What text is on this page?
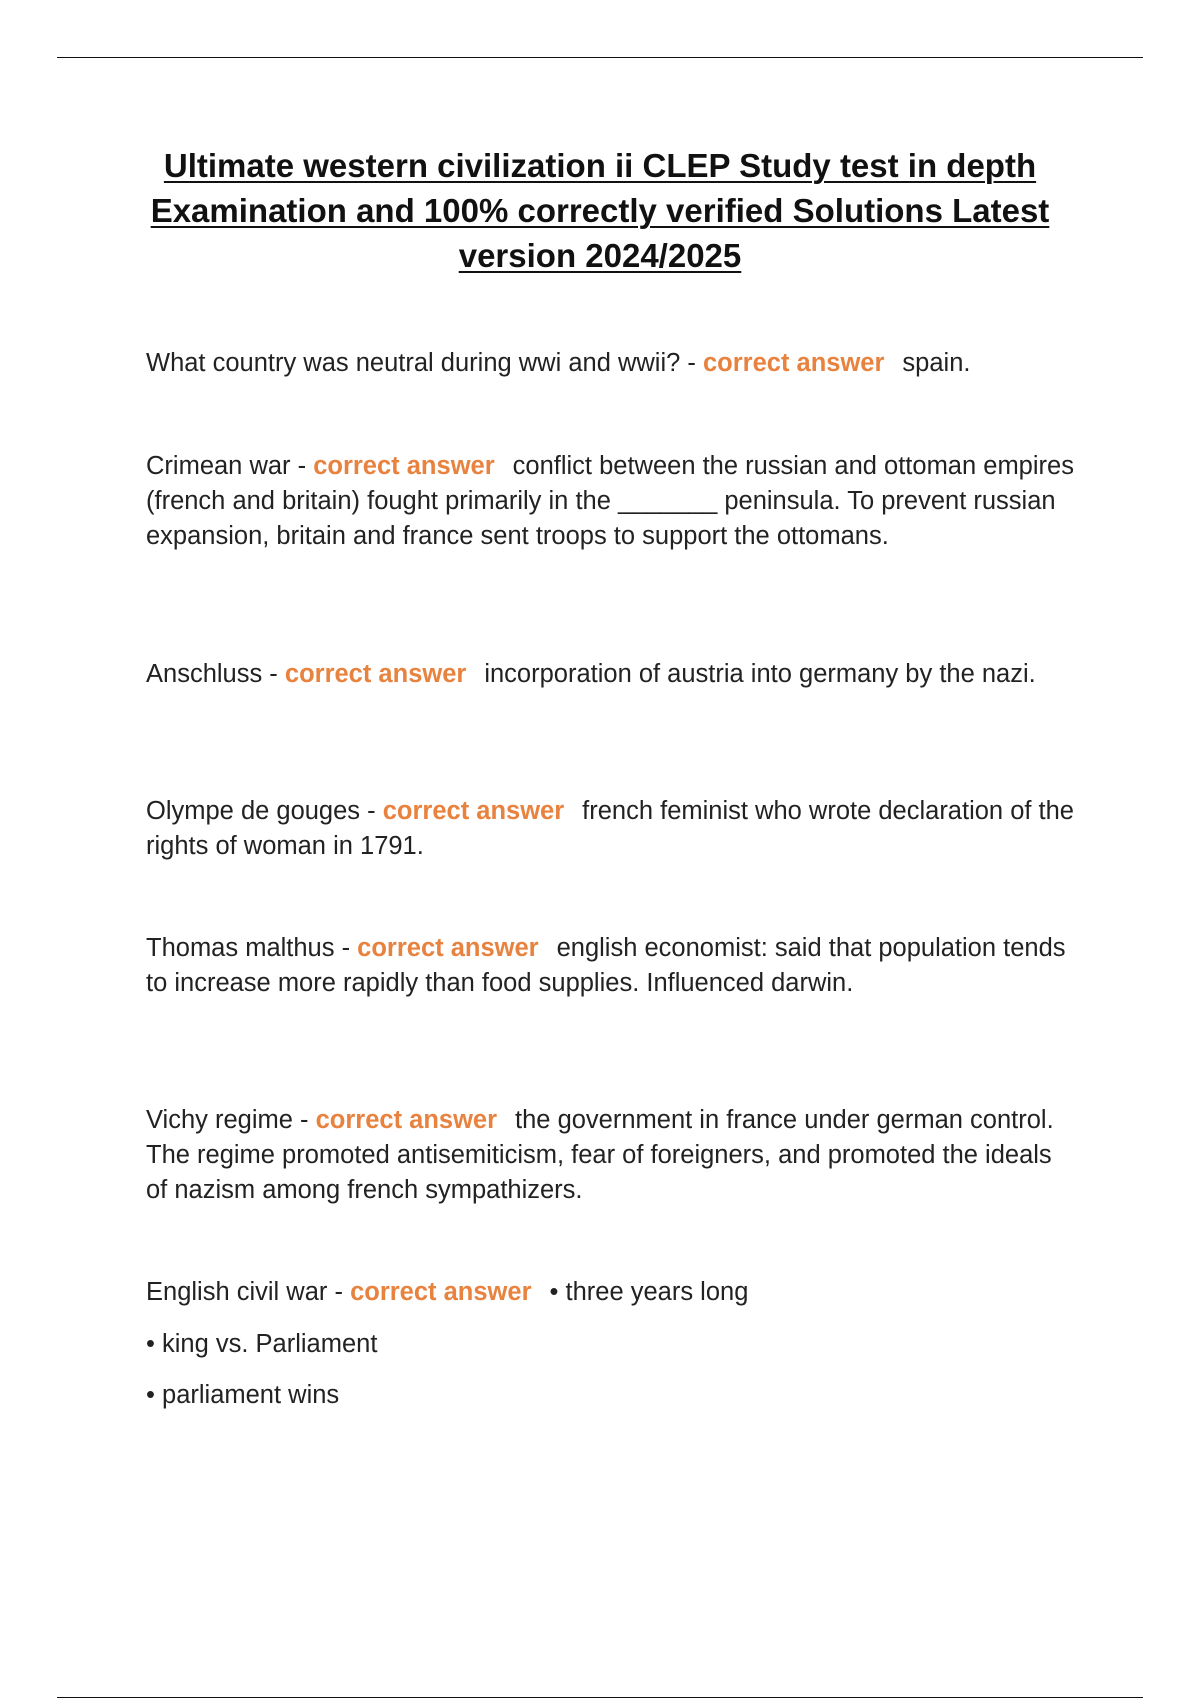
Ultimate western civilization ii CLEP Study test in depth Examination and 100% correctly verified Solutions Latest version 2024/2025

What country was neutral during wwi and wwii? - correct answer spain.

Crimean war - correct answer conflict between the russian and ottoman empires (french and britain) fought primarily in the _______ peninsula. To prevent russian expansion, britain and france sent troops to support the ottomans.

Anschluss - correct answer incorporation of austria into germany by the nazi.

Olympe de gouges - correct answer french feminist who wrote declaration of the rights of woman in 1791.

Thomas malthus - correct answer english economist: said that population tends to increase more rapidly than food supplies. Influenced darwin.

Vichy regime - correct answer the government in france under german control. The regime promoted antisemiticism, fear of foreigners, and promoted the ideals of nazism among french sympathizers.

English civil war - correct answer • three years long

• king vs. Parliament

• parliament wins
